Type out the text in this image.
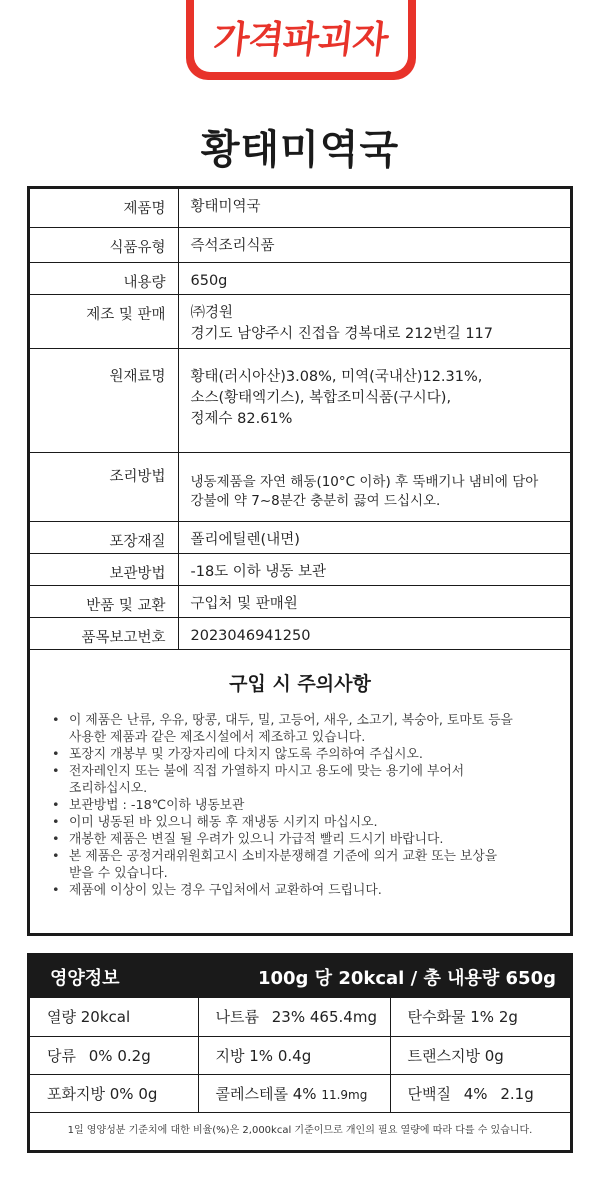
가격파괴자
황태미역국
제품명	황태미역국

식품유형	즉석조리식품

내용량	650g

제조 및 판매	㈜경원
경기도 남양주시 진접읍 경복대로 212번길 117

원재료명	황태(러시아산)3.08%, 미역(국내산)12.31%,
소스(황태엑기스), 복합조미식품(구시다),
정제수 82.61%

조리방법	냉동제품을 자연 해동(10°C 이하) 후 뚝배기나 냄비에 담아
강불에 약 7~8분간 충분히 끓여 드십시오.

포장재질	폴리에틸렌(내면)

보관방법	-18도 이하 냉동 보관

반품 및 교환	구입처 및 판매원

품목보고번호	2023046941250
구입 시 주의사항
• 이 제품은 난류, 우유, 땅콩, 대두, 밀, 고등어, 새우, 소고기, 복숭아, 토마토 등을
사용한 제품과 같은 제조시설에서 제조하고 있습니다.
• 포장지 개봉부 및 가장자리에 다치지 않도록 주의하여 주십시오.
• 전자레인지 또는 불에 직접 가열하지 마시고 용도에 맞는 용기에 부어서
조리하십시오.
• 보관방법 : -18℃이하 냉동보관
• 이미 냉동된 바 있으니 해동 후 재냉동 시키지 마십시오.
• 개봉한 제품은 변질 될 우려가 있으니 가급적 빨리 드시기 바랍니다.
• 본 제품은 공정거래위원회고시 소비자분쟁해결 기준에 의거 교환 또는 보상을
받을 수 있습니다.
• 제품에 이상이 있는 경우 구입처에서 교환하여 드립니다.
영양정보	100g 당 20kcal / 총 내용량 650g
열량 20kcal	나트륨 23% 465.4mg	탄수화물 1% 2g
당류 0% 0.2g	지방 1% 0.4g	트랜스지방 0g
포화지방 0% 0g	콜레스테롤 4% 11.9mg	단백질 4% 2.1g
1일 영양성분 기준치에 대한 비율(%)은 2,000kcal 기준이므로 개인의 필요 열량에 따라 다를 수 있습니다.
